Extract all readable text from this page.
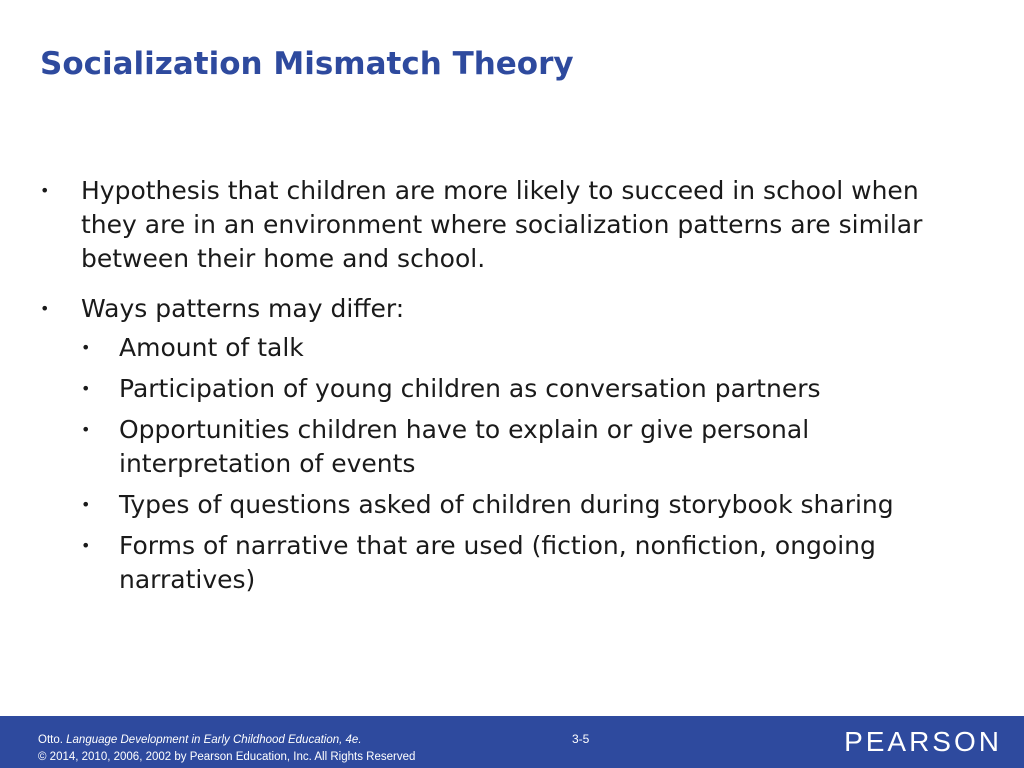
Socialization Mismatch Theory
• Hypothesis that children are more likely to succeed in school when they are in an environment where socialization patterns are similar between their home and school.
• Ways patterns may differ:
• Amount of talk
• Participation of young children as conversation partners
• Opportunities children have to explain or give personal interpretation of events
• Types of questions asked of children during storybook sharing
• Forms of narrative that are used (fiction, nonfiction, ongoing narratives)
Otto. Language Development in Early Childhood Education, 4e.
© 2014, 2010, 2006, 2002 by Pearson Education, Inc. All Rights Reserved
3-5	PEARSON
